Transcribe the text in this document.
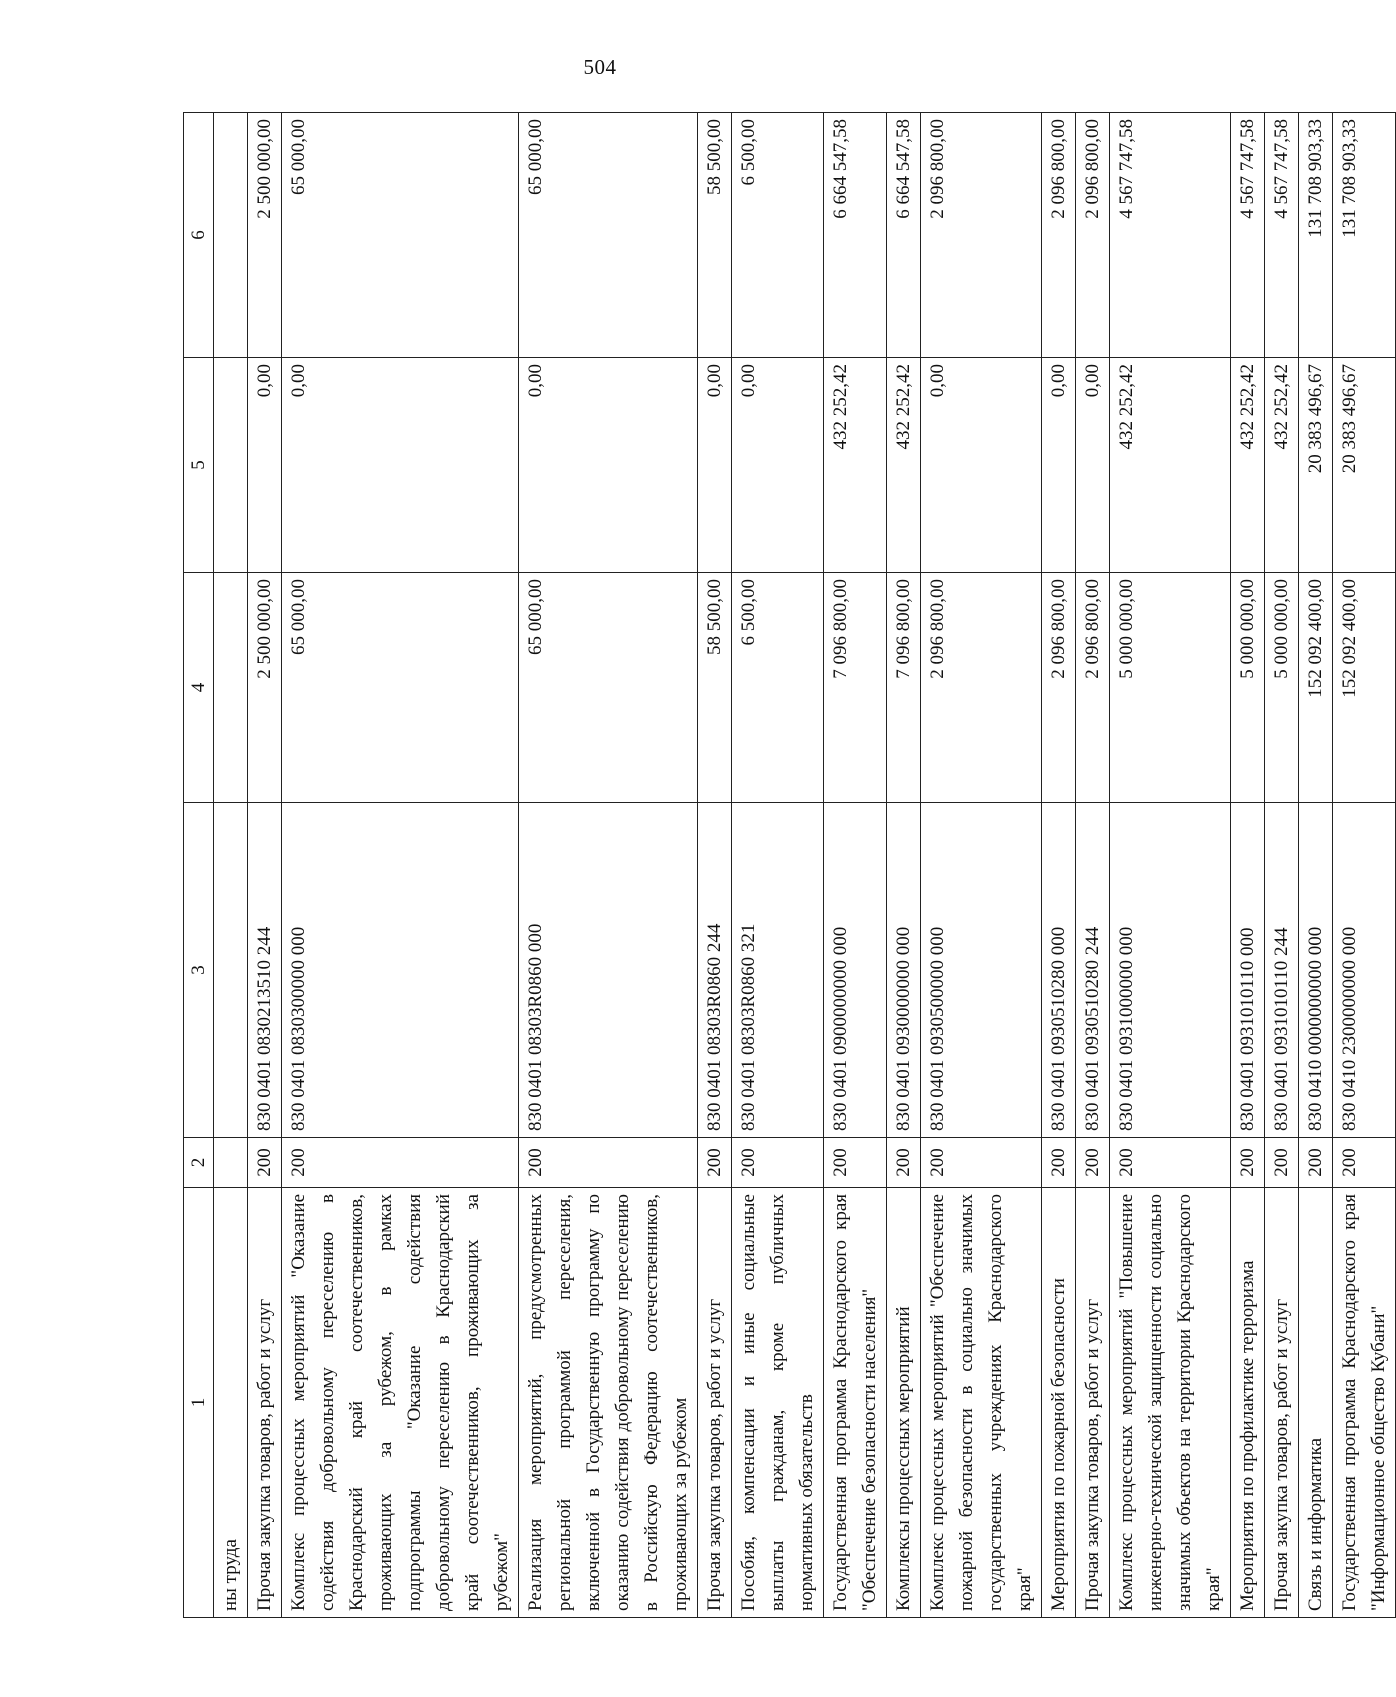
504
1	2	3	4	5	6
ны труда					
Прочая закупка товаров, работ и услуг	200	830 0401 0830213510 244	2 500 000,00	0,00	2 500 000,00
Комплекс процессных мероприятий "Оказание содействия добровольному переселению в Краснодарский край соотечественников, проживающих за рубежом, в рамках подпрограммы "Оказание содействия добровольному переселению в Краснодарский край соотечественников, проживающих за рубежом"	200	830 0401 0830300000 000	65 000,00	0,00	65 000,00
Реализация мероприятий, предусмотренных региональной программой переселения, включенной в Государственную программу по оказанию содействия добровольному переселению в Российскую Федерацию соотечественников, проживающих за рубежом	200	830 0401 08303R0860 000	65 000,00	0,00	65 000,00
Прочая закупка товаров, работ и услуг	200	830 0401 08303R0860 244	58 500,00	0,00	58 500,00
Пособия, компенсации и иные социальные выплаты гражданам, кроме публичных нормативных обязательств	200	830 0401 08303R0860 321	6 500,00	0,00	6 500,00
Государственная программа Краснодарского края "Обеспечение безопасности населения"	200	830 0401 0900000000 000	7 096 800,00	432 252,42	6 664 547,58
Комплексы процессных мероприятий	200	830 0401 0930000000 000	7 096 800,00	432 252,42	6 664 547,58
Комплекс процессных мероприятий "Обеспечение пожарной безопасности в социально значимых государственных учреждениях Краснодарского края"	200	830 0401 0930500000 000	2 096 800,00	0,00	2 096 800,00
Мероприятия по пожарной безопасности	200	830 0401 0930510280 000	2 096 800,00	0,00	2 096 800,00
Прочая закупка товаров, работ и услуг	200	830 0401 0930510280 244	2 096 800,00	0,00	2 096 800,00
Комплекс процессных мероприятий "Повышение инженерно-технической защищенности социально значимых объектов на территории Краснодарского края"	200	830 0401 0931000000 000	5 000 000,00	432 252,42	4 567 747,58
Мероприятия по профилактике терроризма	200	830 0401 0931010110 000	5 000 000,00	432 252,42	4 567 747,58
Прочая закупка товаров, работ и услуг	200	830 0401 0931010110 244	5 000 000,00	432 252,42	4 567 747,58
Связь и информатика	200	830 0410 0000000000 000	152 092 400,00	20 383 496,67	131 708 903,33
Государственная программа Краснодарского края "Информационное общество Кубани"	200	830 0410 2300000000 000	152 092 400,00	20 383 496,67	131 708 903,33
